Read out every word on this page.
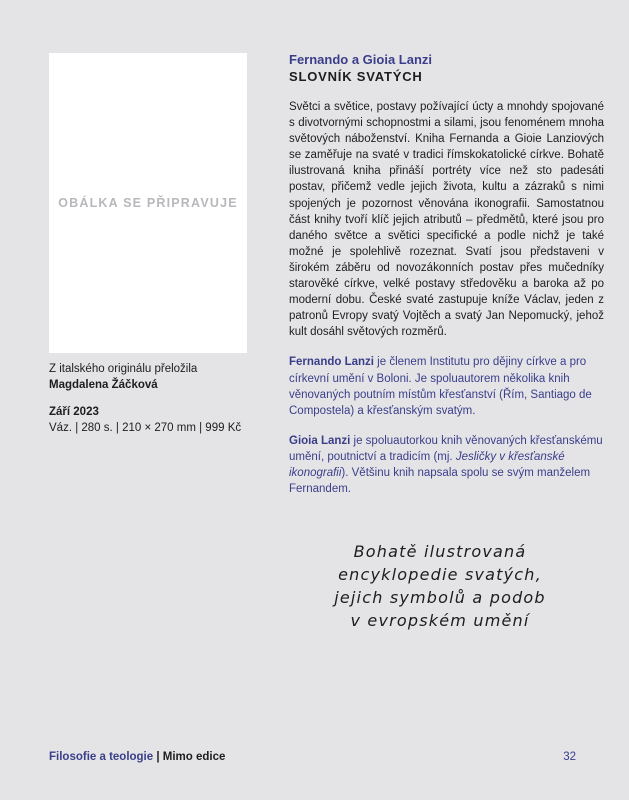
OBÁLKA SE PŘIPRAVUJE
Z italského originálu přeložila
Magdalena Žáčková
Září 2023
Váz. | 280 s. | 210 × 270 mm | 999 Kč
Fernando a Gioia Lanzi
SLOVNÍK SVATÝCH

Světci a světice, postavy požívající úcty a mnohdy spojované s divotvornými schopnostmi a silami, jsou fenoménem mnoha světových náboženství. Kniha Fernanda a Gioie Lanziových se zaměřuje na svaté v tradici římskokatolické církve. Bohatě ilustrovaná kniha přináší portréty více než sto padesáti postav, přičemž vedle jejich života, kultu a zázraků s nimi spojených je pozornost věnována ikonografii. Samostatnou část knihy tvoří klíč jejich atributů – předmětů, které jsou pro daného světce a světici specifické a podle nichž je také možné je spolehlivě rozeznat. Svatí jsou představeni v širokém záběru od novozákonních postav přes mučedníky starověké církve, velké postavy středověku a baroka až po moderní dobu. České svaté zastupuje kníže Václav, jeden z patronů Evropy svatý Vojtěch a svatý Jan Nepomucký, jehož kult dosáhl světových rozměrů.

Fernando Lanzi je členem Institutu pro dějiny církve a pro církevní umění v Boloni. Je spoluautorem několika knih věnovaných poutním místům křesťanství (Řím, Santiago de Compostela) a křesťanským svatým.

Gioia Lanzi je spoluautorkou knih věnovaných křesťanskému umění, poutnictví a tradicím (mj. Jesličky v křesťanské ikonografii). Většinu knih napsala spolu se svým manželem Fernandem.

Bohatě ilustrovaná
encyklopedie svatých,
jejich symbolů a podob
v evropském umění
Filosofie a teologie | Mimo edice	32
